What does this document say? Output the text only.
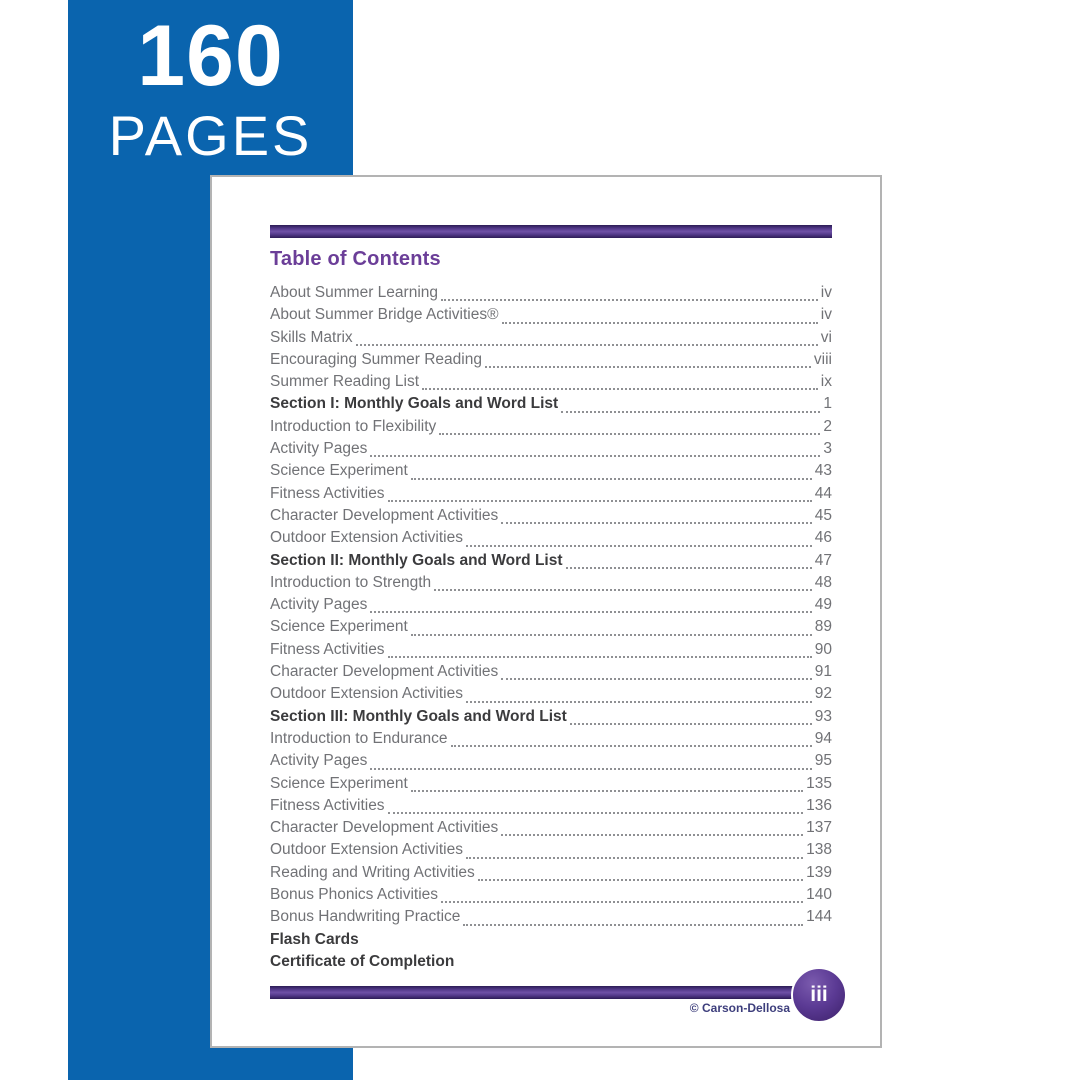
160
PAGES
Table of Contents
About Summer Learning	iv
About Summer Bridge Activities®	iv
Skills Matrix	vi
Encouraging Summer Reading	viii
Summer Reading List	ix
Section I: Monthly Goals and Word List	1
Introduction to Flexibility	2
Activity Pages	3
Science Experiment	43
Fitness Activities	44
Character Development Activities	45
Outdoor Extension Activities	46
Section II: Monthly Goals and Word List	47
Introduction to Strength	48
Activity Pages	49
Science Experiment	89
Fitness Activities	90
Character Development Activities	91
Outdoor Extension Activities	92
Section III: Monthly Goals and Word List	93
Introduction to Endurance	94
Activity Pages	95
Science Experiment	135
Fitness Activities	136
Character Development Activities	137
Outdoor Extension Activities	138
Reading and Writing Activities	139
Bonus Phonics Activities	140
Bonus Handwriting Practice	144
Flash Cards
Certificate of Completion
© Carson-Dellosa
iii
